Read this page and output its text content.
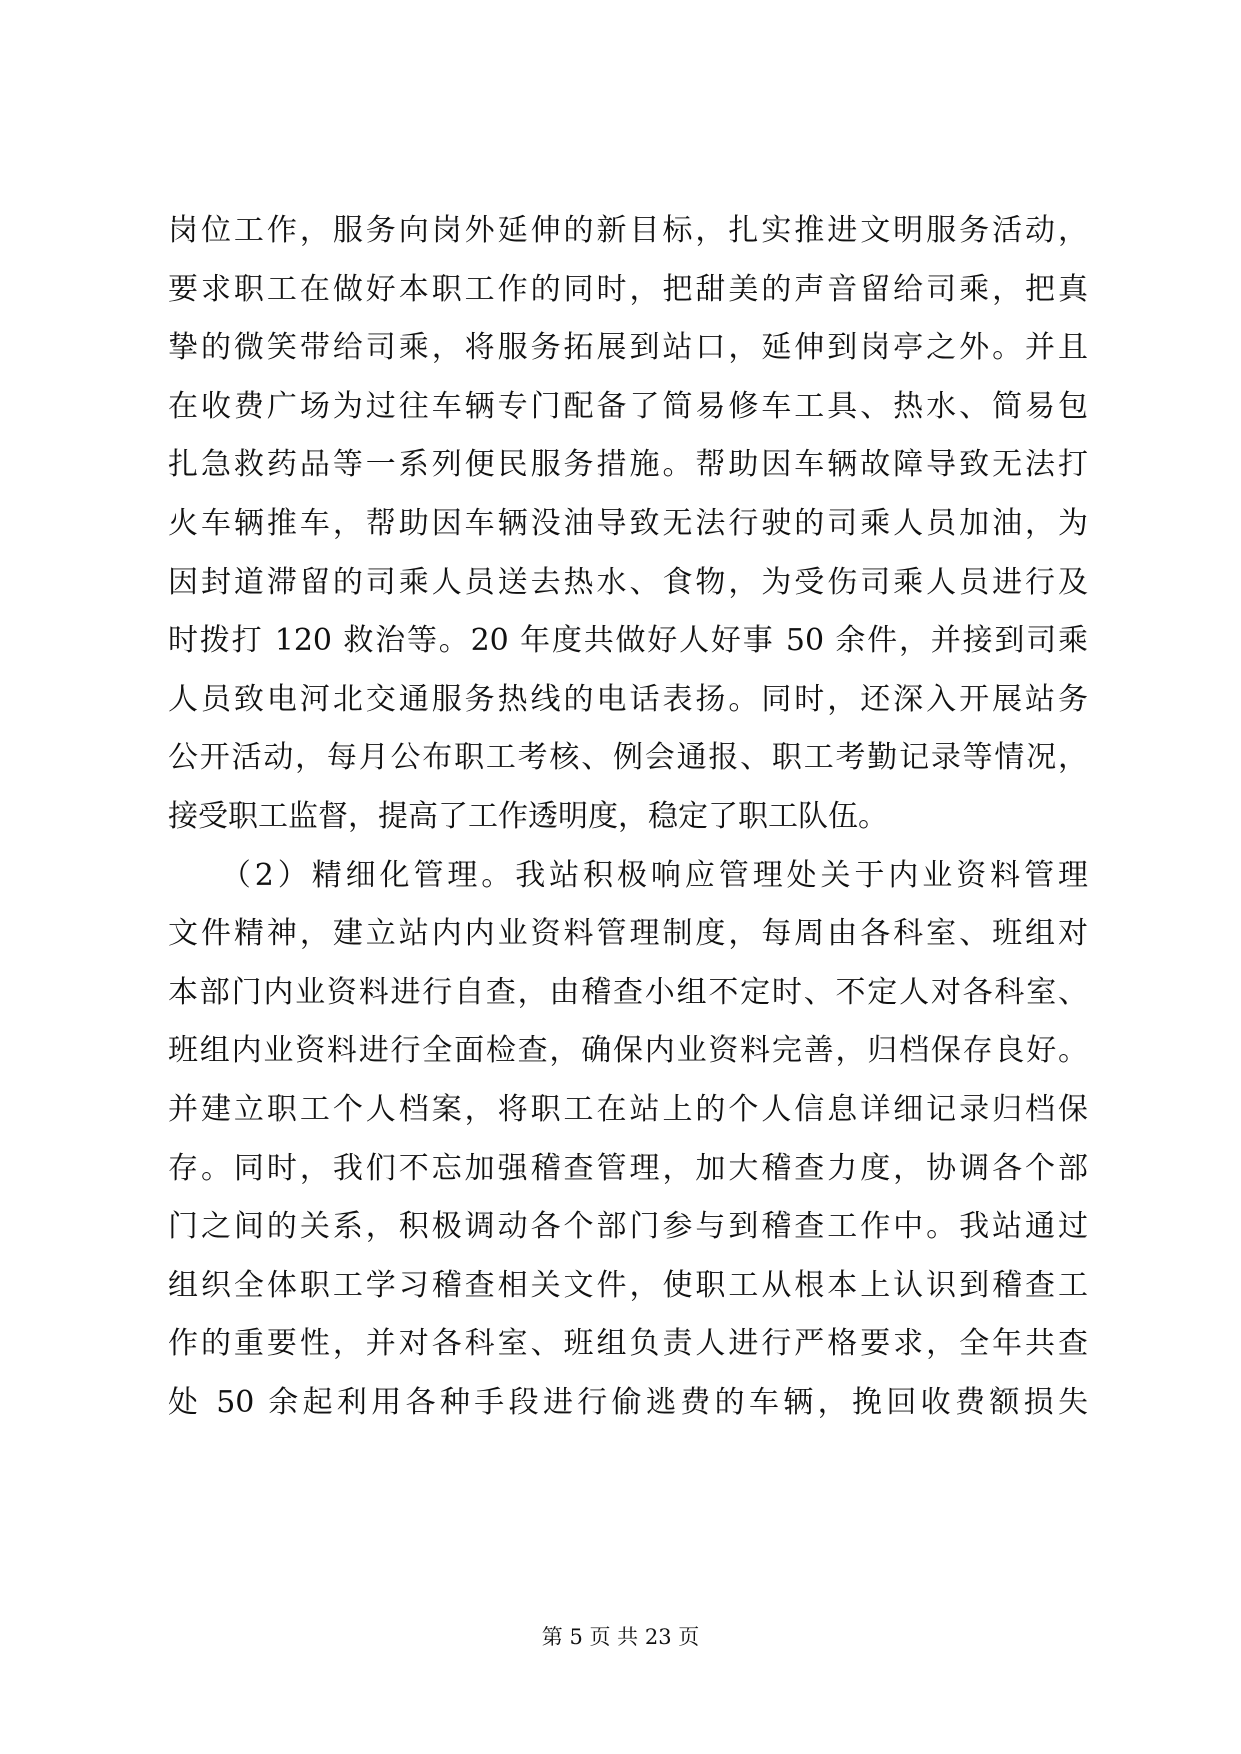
岗位工作，服务向岗外延伸的新目标，扎实推进文明服务活动，
要求职工在做好本职工作的同时，把甜美的声音留给司乘，把真
挚的微笑带给司乘，将服务拓展到站口，延伸到岗亭之外。并且
在收费广场为过往车辆专门配备了简易修车工具、热水、简易包
扎急救药品等一系列便民服务措施。帮助因车辆故障导致无法打
火车辆推车，帮助因车辆没油导致无法行驶的司乘人员加油，为
因封道滞留的司乘人员送去热水、食物，为受伤司乘人员进行及
时拨打 120 救治等。20 年度共做好人好事 50 余件，并接到司乘
人员致电河北交通服务热线的电话表扬。同时，还深入开展站务
公开活动，每月公布职工考核、例会通报、职工考勤记录等情况，
接受职工监督，提高了工作透明度，稳定了职工队伍。
　　（2）精细化管理。我站积极响应管理处关于内业资料管理
文件精神，建立站内内业资料管理制度，每周由各科室、班组对
本部门内业资料进行自查，由稽查小组不定时、不定人对各科室、
班组内业资料进行全面检查，确保内业资料完善，归档保存良好。
并建立职工个人档案，将职工在站上的个人信息详细记录归档保
存。同时，我们不忘加强稽查管理，加大稽查力度，协调各个部
门之间的关系，积极调动各个部门参与到稽查工作中。我站通过
组织全体职工学习稽查相关文件，使职工从根本上认识到稽查工
作的重要性，并对各科室、班组负责人进行严格要求，全年共查
处 50 余起利用各种手段进行偷逃费的车辆，挽回收费额损失
第 5 页 共 23 页
